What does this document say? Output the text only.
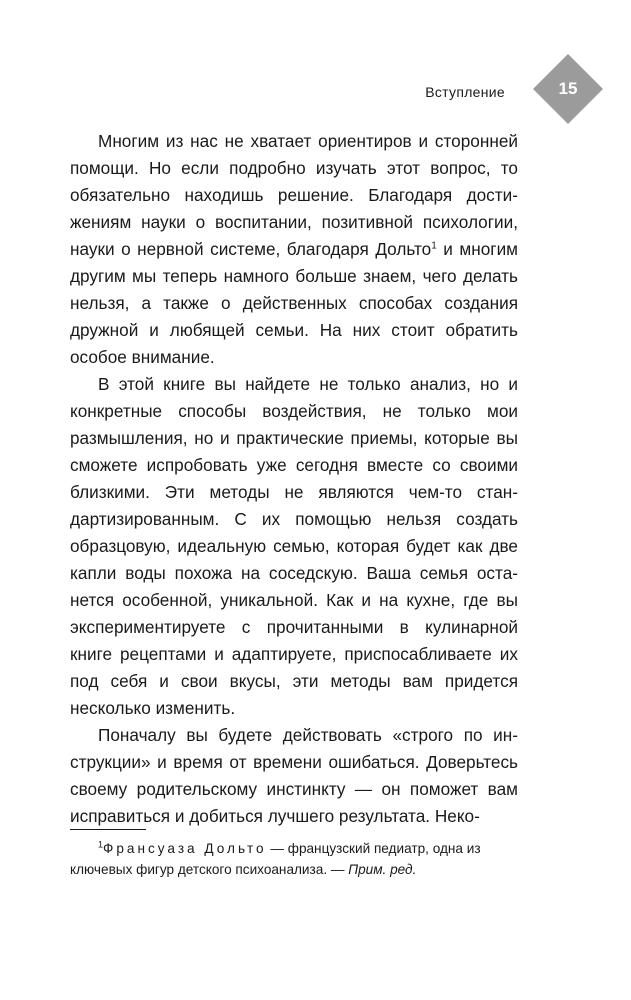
Вступление	15

Многим из нас не хватает ориентиров и сторонней помощи. Но если подробно изучать этот вопрос, то обязательно находишь решение. Благодаря достижениям науки о воспитании, позитивной психологии, науки о нервной системе, благодаря Дольто$^1$ и многим другим мы теперь намного больше знаем, чего делать нельзя, а также о действенных способах создания дружной и любящей семьи. На них стоит обратить особое внимание.

В этой книге вы найдете не только анализ, но и конкретные способы воздействия, не только мои размышления, но и практические приемы, которые вы сможете испробовать уже сегодня вместе со своими близкими. Эти методы не являются чем-то стандартизированным. С их помощью нельзя создать образцовую, идеальную семью, которая будет как две капли воды похожа на соседскую. Ваша семья останется особенной, уникальной. Как и на кухне, где вы экспериментируете с прочитанными в кулинарной книге рецептами и адаптируете, приспосабливаете их под себя и свои вкусы, эти методы вам придется несколько изменить.

Поначалу вы будете действовать «строго по инструкции» и время от времени ошибаться. Доверьтесь своему родительскому инстинкту — он поможет вам исправиться и добиться лучшего результата. Неко-

$^1$Франсуаза Дольто — французский педиатр, одна из ключевых фигур детского психоанализа. — Прим. ред.
